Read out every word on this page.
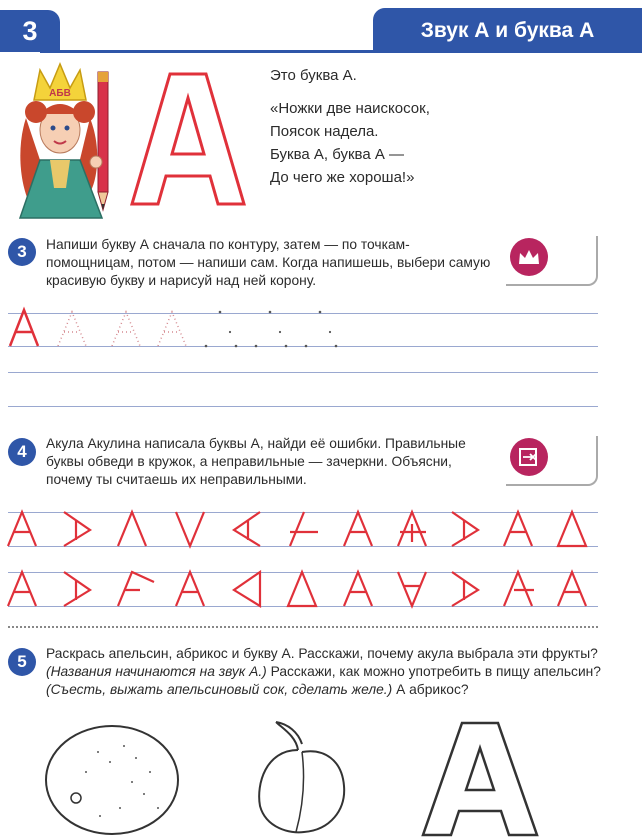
3	Звук А и буква А
АБВ
Это буква А.
«Ножки две наискосок,
Поясок надела.
Буква А, буква А —
До чего же хороша!»
3 Напиши букву А сначала по контуру, затем — по точкам-помощницам, потом — напиши сам. Когда напишешь, выбери самую красивую букву и нарисуй над ней корону.
4 Акула Акулина написала буквы А, найди её ошибки. Правильные буквы обведи в кружок, а неправильные — зачеркни. Объясни, почему ты считаешь их неправильными.
5 Раскрась апельсин, абрикос и букву А. Расскажи, почему акула выбрала эти фрукты? (Названия начинаются на звук А.) Расскажи, как можно употребить в пищу апельсин? (Съесть, выжать апельсиновый сок, сделать желе.) А абрикос?
